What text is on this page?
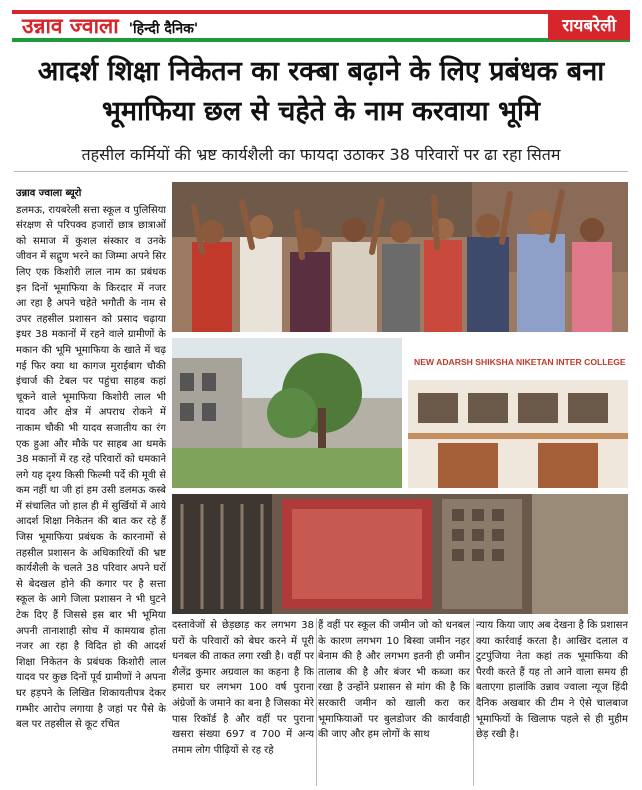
उन्नाव ज्वाला 'हिन्दी दैनिक'	रायबरेली
आदर्श शिक्षा निकेतन का रक्बा बढ़ाने के लिए प्रबंधक बना भूमाफिया छल से चहेते के नाम करवाया भूमि
तहसील कर्मियों की भ्रष्ट कार्यशैली का फायदा उठाकर 38 परिवारों पर ढा रहा सितम
उन्नाव ज्वाला ब्यूरो
डलमऊ, रायबरेली सत्ता स्कूल व पुलिसिया संरक्षण से परिपक्व हजारों छात्र छात्राओं को समाज में कुशल संस्कार व उनके जीवन में सद्गुण भरने का जिम्मा अपने सिर लिए एक किशोरी लाल नाम का प्रबंधक इन दिनों भूमाफिया के किरदार में नजर आ रहा है अपने चहेते भगौती के नाम से उपर तहसील प्रशासन को प्रसाद चढ़ाया इधर 38 मकानों में रहने वाले ग्रामीणों के मकान की भूमि भूमाफिया के खाते में चढ़ गई फिर क्या था कागज मुराईबाग चौकी इंचार्ज की टेबल पर पहुंचा साहब कहां चूकने वाले भूमाफिया किशोरी लाल भी यादव और क्षेत्र में अपराध रोकने में नाकाम चौकी भी यादव सजातीय का रंग एक हुआ और मौके पर साहब आ धमके 38 मकानों में रह रहे परिवारों को धमकाने लगे यह दृश्य किसी फिल्मी पर्दे की मूवी से कम नहीं था जी हां हम उसी डलमऊ कस्बे में संचालित जो हाल ही में सुर्खियों में आये आदर्श शिक्षा निकेतन की बात कर रहे हैं जिस भूमाफिया प्रबंधक के कारनामों से तहसील प्रशासन के अधिकारियों की भ्रष्ट कार्यशैली के चलते 38 परिवार अपने घरों से बेदखल होने की कगार पर है सत्ता स्कूल के आगे जिला प्रशासन ने भी घुटने टेक दिए हैं जिससे इस बार भी भूमिया अपनी तानाशाही सोच में कामयाब होता नजर आ रहा है विदित हो की आदर्श शिक्षा निकेतन के प्रबंधक किशोरी लाल यादव पर कुछ दिनों पूर्व ग्रामीणों ने अपना घर हड़पने के लिखित शिकायतीपत्र देकर गम्भीर आरोप लगाया है जहां पर पैसे के बल पर तहसील से कूट रचित
NEW ADARSH SHIKSHA NIKETAN INTER COLLEGE
दस्तावेजों से छेड़छाड़ कर लगभग 38 घरों के परिवारों को बेघर करने में पूरी धनबल की ताकत लगा रखी है। वहीं पर शैलेंद्र कुमार अग्रवाल का कहना है कि हमारा घर लगभग 100 वर्ष पुराना अंग्रेजों के जमाने का बना है जिसका मेरे पास रिकॉर्ड है और वहीं पर पुराना खसरा संख्या 697 व 700 में अन्य तमाम लोग पीढ़ियों से रह रहे
हैं वहीं पर स्कूल की जमीन जो को धनबल के कारण लगभग 10 बिस्वा जमीन नहर बेनाम की है और लगभग इतनी ही जमीन तालाब की है और बंजर भी कब्जा कर रखा है उन्होंने प्रशासन से मांग की है कि सरकारी जमीन को खाली करा कर भूमाफियाओं पर बुलडोजर की कार्यवाही की जाए और हम लोगों के साथ
न्याय किया जाए अब देखना है कि प्रशासन क्या कार्रवाई करता है। आखिर दलाल व टुटपुंजिया नेता कहां तक भूमाफिया की पैरवी करते हैं यह तो आने वाला समय ही बताएगा हालांकि उन्नाव ज्वाला न्यूज हिंदी दैनिक अखबार की टीम ने ऐसे चालबाज भूमाफियों के खिलाफ पहले से ही मुहीम छेड़ रखी है।
